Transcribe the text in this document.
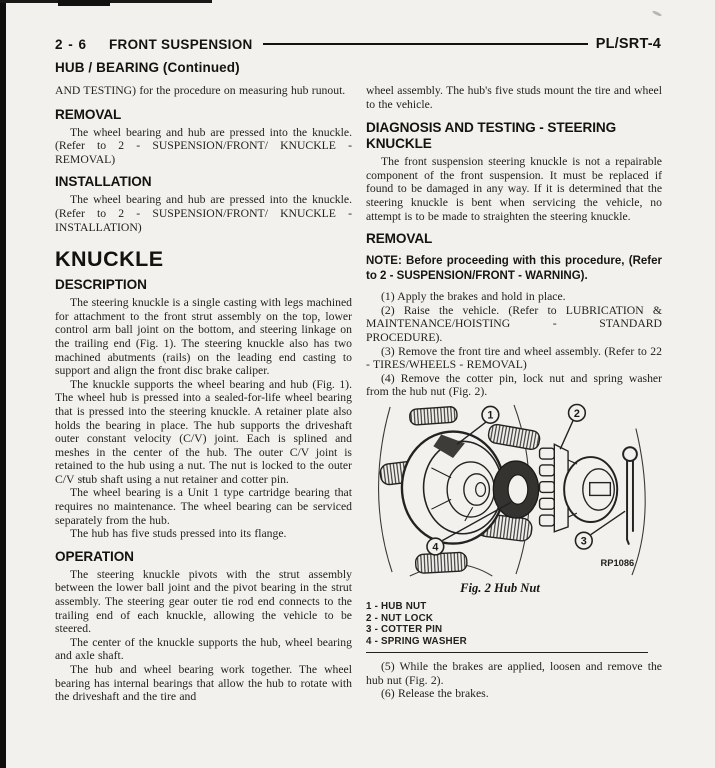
2 - 6 FRONT SUSPENSION	PL/SRT-4
HUB / BEARING (Continued)

AND TESTING) for the procedure on measuring hub runout.

REMOVAL

The wheel bearing and hub are pressed into the knuckle. (Refer to 2 - SUSPENSION/FRONT/ KNUCKLE - REMOVAL)

INSTALLATION

The wheel bearing and hub are pressed into the knuckle. (Refer to 2 - SUSPENSION/FRONT/ KNUCKLE - INSTALLATION)

KNUCKLE
DESCRIPTION

The steering knuckle is a single casting with legs machined for attachment to the front strut assembly on the top, lower control arm ball joint on the bottom, and steering linkage on the trailing end (Fig. 1). The steering knuckle also has two machined abutments (rails) on the leading end casting to support and align the front disc brake caliper.

The knuckle supports the wheel bearing and hub (Fig. 1). The wheel hub is pressed into a sealed-for-life wheel bearing that is pressed into the steering knuckle. A retainer plate also holds the bearing in place. The hub supports the driveshaft outer constant velocity (C/V) joint. Each is splined and meshes in the center of the hub. The outer C/V joint is retained to the hub using a nut. The nut is locked to the outer C/V stub shaft using a nut retainer and cotter pin.

The wheel bearing is a Unit 1 type cartridge bearing that requires no maintenance. The wheel bearing can be serviced separately from the hub.

The hub has five studs pressed into its flange.

OPERATION

The steering knuckle pivots with the strut assembly between the lower ball joint and the pivot bearing in the strut assembly. The steering gear outer tie rod end connects to the trailing end of each knuckle, allowing the vehicle to be steered.

The center of the knuckle supports the hub, wheel bearing and axle shaft.

The hub and wheel bearing work together. The wheel bearing has internal bearings that allow the hub to rotate with the driveshaft and the tire and

wheel assembly. The hub's five studs mount the tire and wheel to the vehicle.

DIAGNOSIS AND TESTING - STEERING KNUCKLE

The front suspension steering knuckle is not a repairable component of the front suspension. It must be replaced if found to be damaged in any way. If it is determined that the steering knuckle is bent when servicing the vehicle, no attempt is to be made to straighten the steering knuckle.

REMOVAL

NOTE: Before proceeding with this procedure, (Refer to 2 - SUSPENSION/FRONT - WARNING).

(1) Apply the brakes and hold in place.

(2) Raise the vehicle. (Refer to LUBRICATION & MAINTENANCE/HOISTING - STANDARD PROCEDURE).

(3) Remove the front tire and wheel assembly. (Refer to 22 - TIRES/WHEELS - REMOVAL)

(4) Remove the cotter pin, lock nut and spring washer from the hub nut (Fig. 2).

1	2
3
4
RP1086
Fig. 2 Hub Nut
1 - HUB NUT
2 - NUT LOCK
3 - COTTER PIN
4 - SPRING WASHER

(5) While the brakes are applied, loosen and remove the hub nut (Fig. 2).

(6) Release the brakes.
